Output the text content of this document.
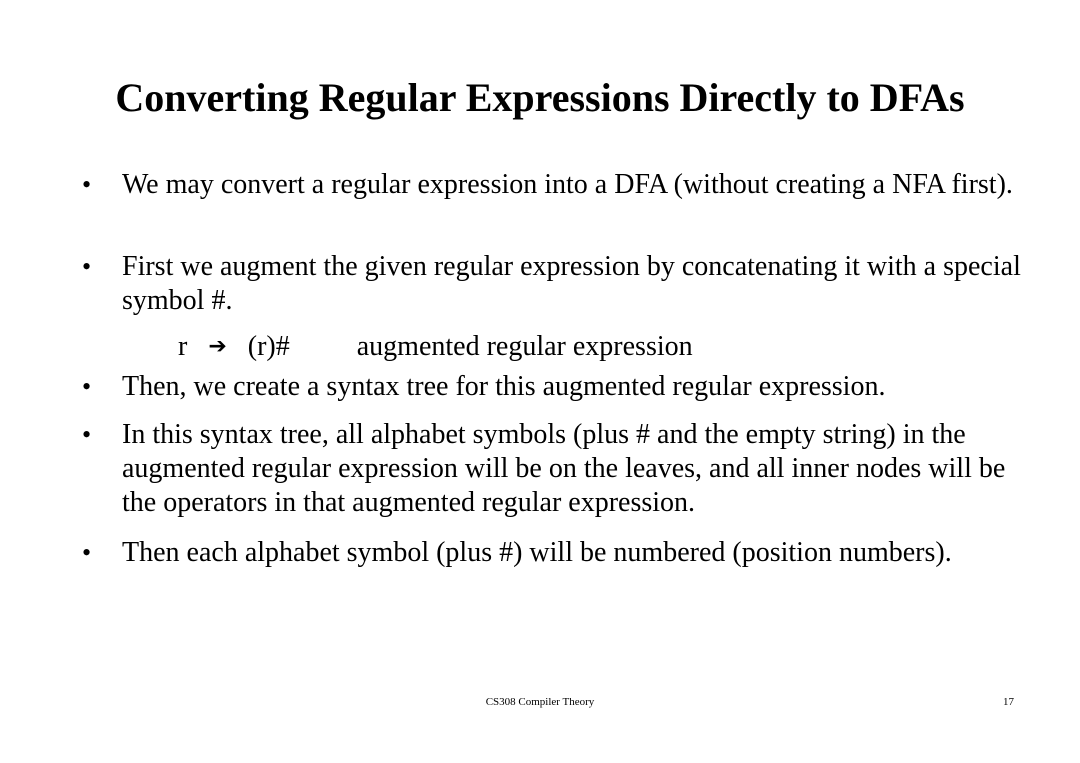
Converting Regular Expressions Directly to DFAs
•	We may convert a regular expression into a DFA (without creating a NFA first).
•	First we augment the given regular expression by concatenating it with a special symbol #.
•	Then, we create a syntax tree for this augmented regular expression.
•	In this syntax tree, all alphabet symbols (plus # and the empty string) in the augmented regular expression will be on the leaves, and all inner nodes will be the operators in that augmented regular expression.
•	Then each alphabet symbol (plus #) will be numbered (position numbers).
r ➔ (r)# augmented regular expression
CS308 Compiler Theory	17
